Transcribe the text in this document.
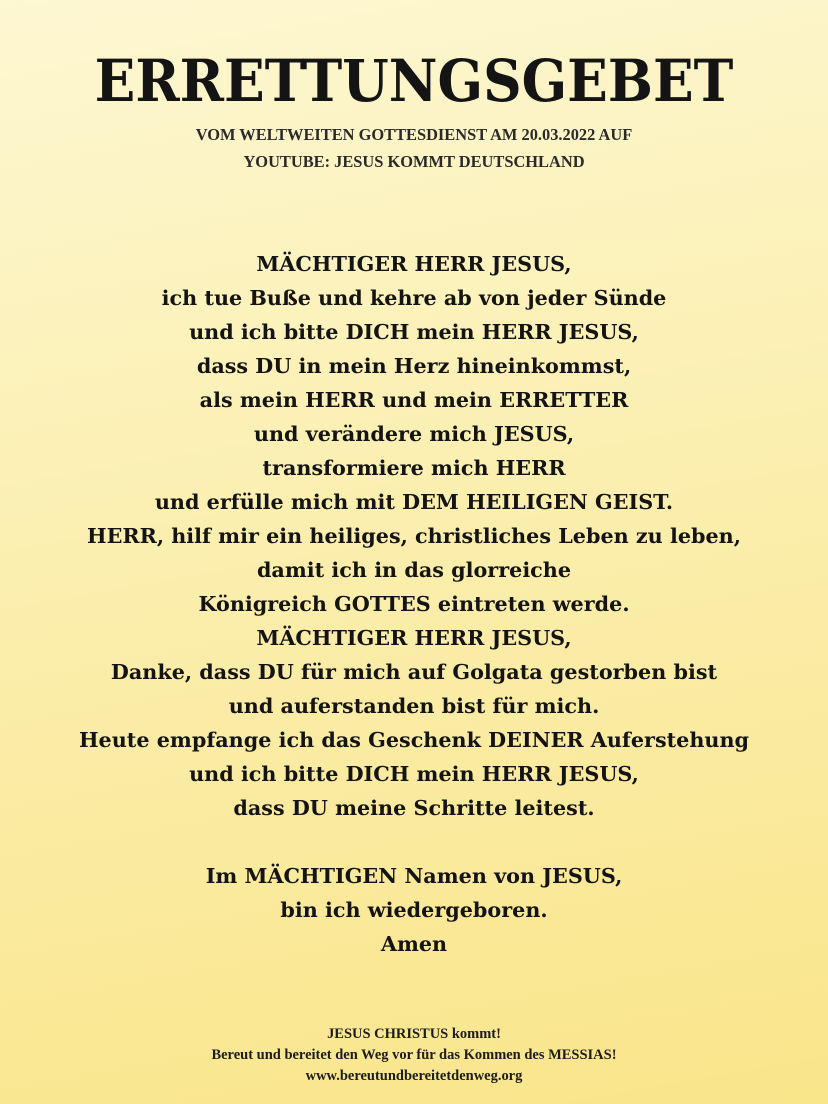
ERRETTUNGSGEBET
VOM WELTWEITEN GOTTESDIENST AM 20.03.2022 AUF
YOUTUBE: JESUS KOMMT DEUTSCHLAND
MÄCHTIGER HERR JESUS,
ich tue Buße und kehre ab von jeder Sünde
und ich bitte DICH mein HERR JESUS,
dass DU in mein Herz hineinkommst,
als mein HERR und mein ERRETTER
und verändere mich JESUS,
transformiere mich HERR
und erfülle mich mit DEM HEILIGEN GEIST.
HERR, hilf mir ein heiliges, christliches Leben zu leben,
damit ich in das glorreiche
Königreich GOTTES eintreten werde.
MÄCHTIGER HERR JESUS,
Danke, dass DU für mich auf Golgata gestorben bist
und auferstanden bist für mich.
Heute empfange ich das Geschenk DEINER Auferstehung
und ich bitte DICH mein HERR JESUS,
dass DU meine Schritte leitest.
Im MÄCHTIGEN Namen von JESUS,
bin ich wiedergeboren.
Amen
JESUS CHRISTUS kommt!
Bereut und bereitet den Weg vor für das Kommen des MESSIAS!
www.bereutundbereitetdenweg.org
